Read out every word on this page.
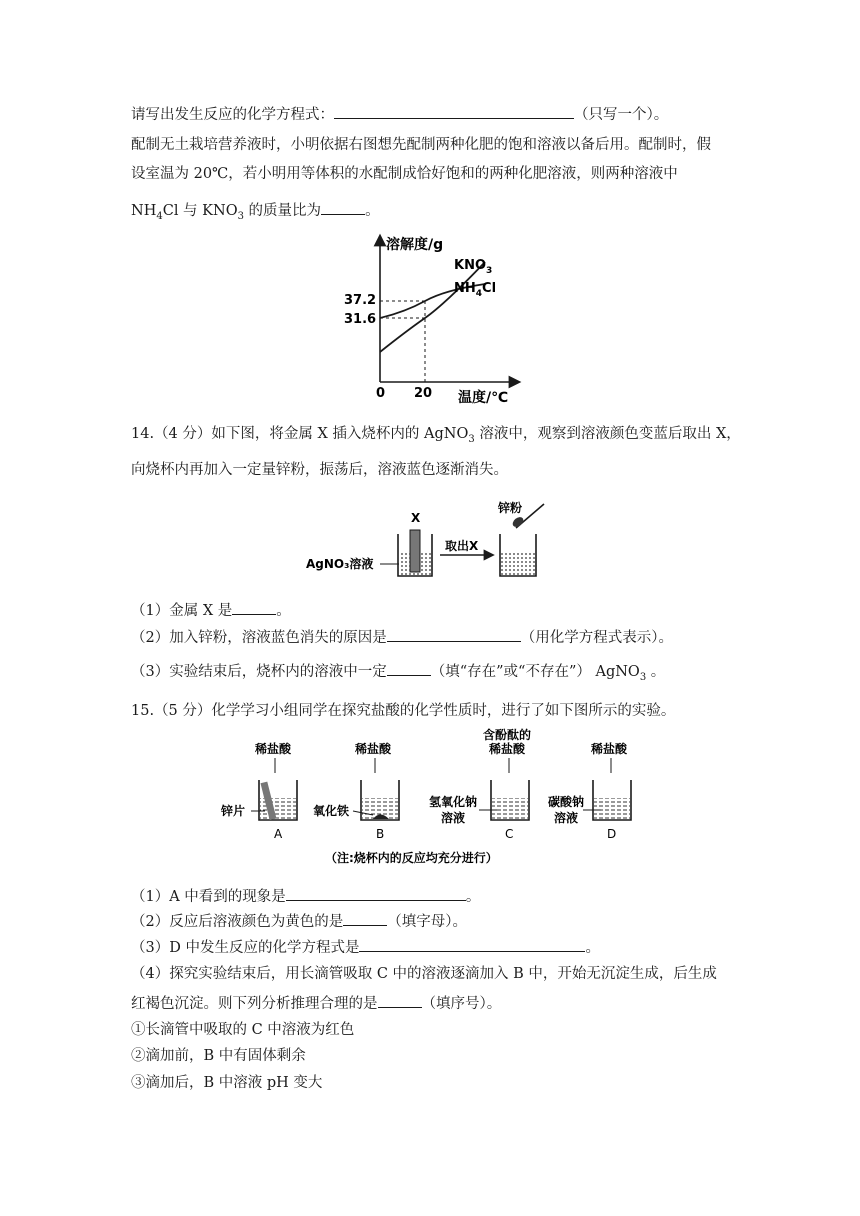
请写出发生反应的化学方程式：	（只写一个）。
配制无土栽培营养液时，小明依据右图想先配制两种化肥的饱和溶液以备后用。配制时，假
设室温为 20℃，若小明用等体积的水配制成恰好饱和的两种化肥溶液，则两种溶液中
$NH_4Cl$ 与 $KNO_3$ 的质量比为	。
溶解度/g
温度/℃
0 20
37.2
31.6
$KNO_3$
$NH_4Cl$
14.（4 分）如下图，将金属 X 插入烧杯内的 AgNO$_3$ 溶液中，观察到溶液颜色变蓝后取出 X，
向烧杯内再加入一定量锌粉，振荡后，溶液蓝色逐渐消失。
AgNO₃溶液
X
取出X
锌粉
（1）金属 X 是	。
（2）加入锌粉，溶液蓝色消失的原因是	（用化学方程式表示）。
（3）实验结束后，烧杯内的溶液中一定	（填“存在”或“不存在”） AgNO$_3$ 。
15.（5 分）化学学习小组同学在探究盐酸的化学性质时，进行了如下图所示的实验。
稀盐酸
锌片
A
稀盐酸
氧化铁
B
含酚酞的
稀盐酸
氢氧化钠
溶液
C
稀盐酸
碳酸钠
溶液
D
（注:烧杯内的反应均充分进行）
（1）A 中看到的现象是	。
（2）反应后溶液颜色为黄色的是	（填字母）。
（3）D 中发生反应的化学方程式是	。
（4）探究实验结束后，用长滴管吸取 C 中的溶液逐滴加入 B 中，开始无沉淀生成，后生成
红褐色沉淀。则下列分析推理合理的是	（填序号）。
①长滴管中吸取的 C 中溶液为红色
②滴加前，B 中有固体剩余
③滴加后，B 中溶液 pH 变大
